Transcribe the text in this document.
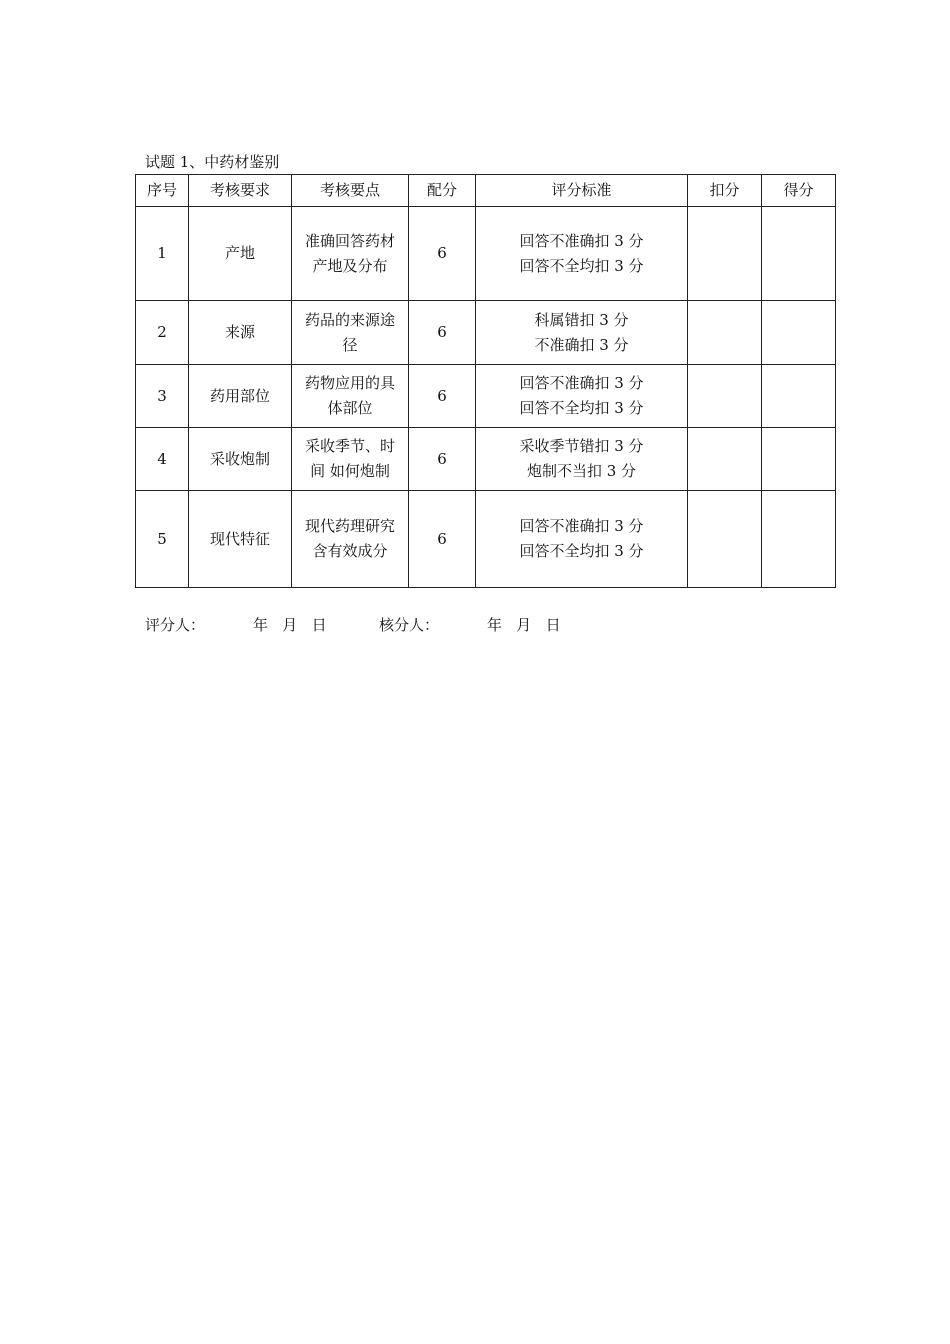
试题 1、中药材鉴别
序号	考核要求	考核要点	配分	评分标准	扣分	得分
1	产地	准确回答药材产地及分布	6	回答不准确扣 3 分
回答不全均扣 3 分		

2	来源	药品的来源途径	6	科属错扣 3 分
不准确扣 3 分		

3	药用部位	药物应用的具体部位	6	回答不准确扣 3 分
回答不全均扣 3 分		

4	采收炮制	采收季节、时间 如何炮制	6	采收季节错扣 3 分
炮制不当扣 3 分		

5	现代特征	现代药理研究含有效成分	6	回答不准确扣 3 分
回答不全均扣 3 分		

评分人：	年   月   日	核分人：	年   月   日
